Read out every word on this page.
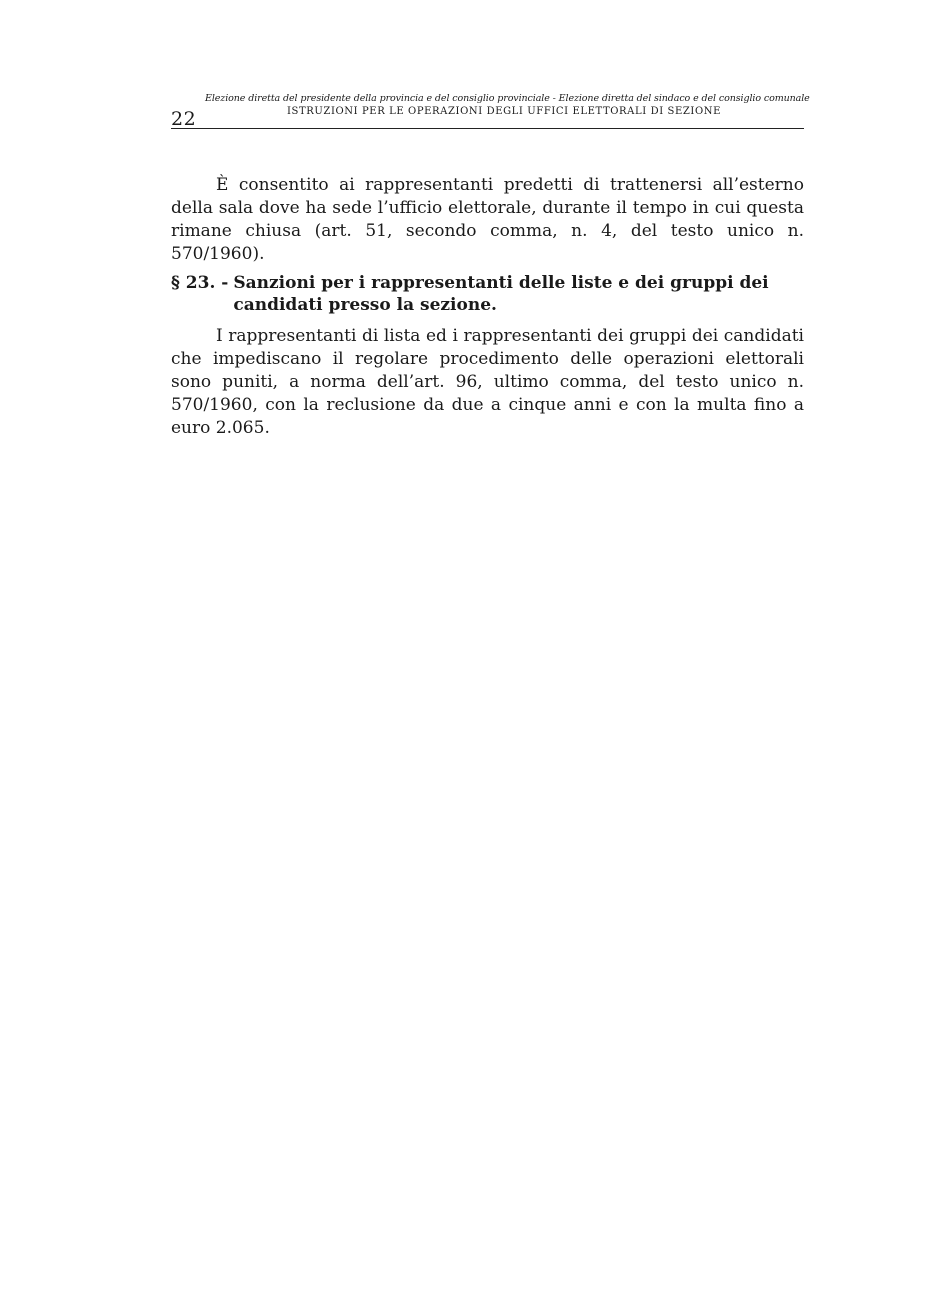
22
Elezione diretta del presidente della provincia e del consiglio provinciale - Elezione diretta del sindaco e del consiglio comunale
ISTRUZIONI PER LE OPERAZIONI DEGLI UFFICI ELETTORALI DI SEZIONE

È consentito ai rappresentanti predetti di trattenersi all’esterno della sala dove ha sede l’ufficio elettorale, durante il tempo in cui questa rimane chiusa (art. 51, secondo comma, n. 4, del testo unico n. 570/1960).

§ 23. - Sanzioni per i rappresentanti delle liste e dei gruppi dei candidati presso la sezione.

I rappresentanti di lista ed i rappresentanti dei gruppi dei candidati che impediscano il regolare procedimento delle operazioni elettorali sono puniti, a norma dell’art. 96, ultimo comma, del testo unico n. 570/1960, con la reclusione da due a cinque anni e con la multa fino a euro 2.065.
